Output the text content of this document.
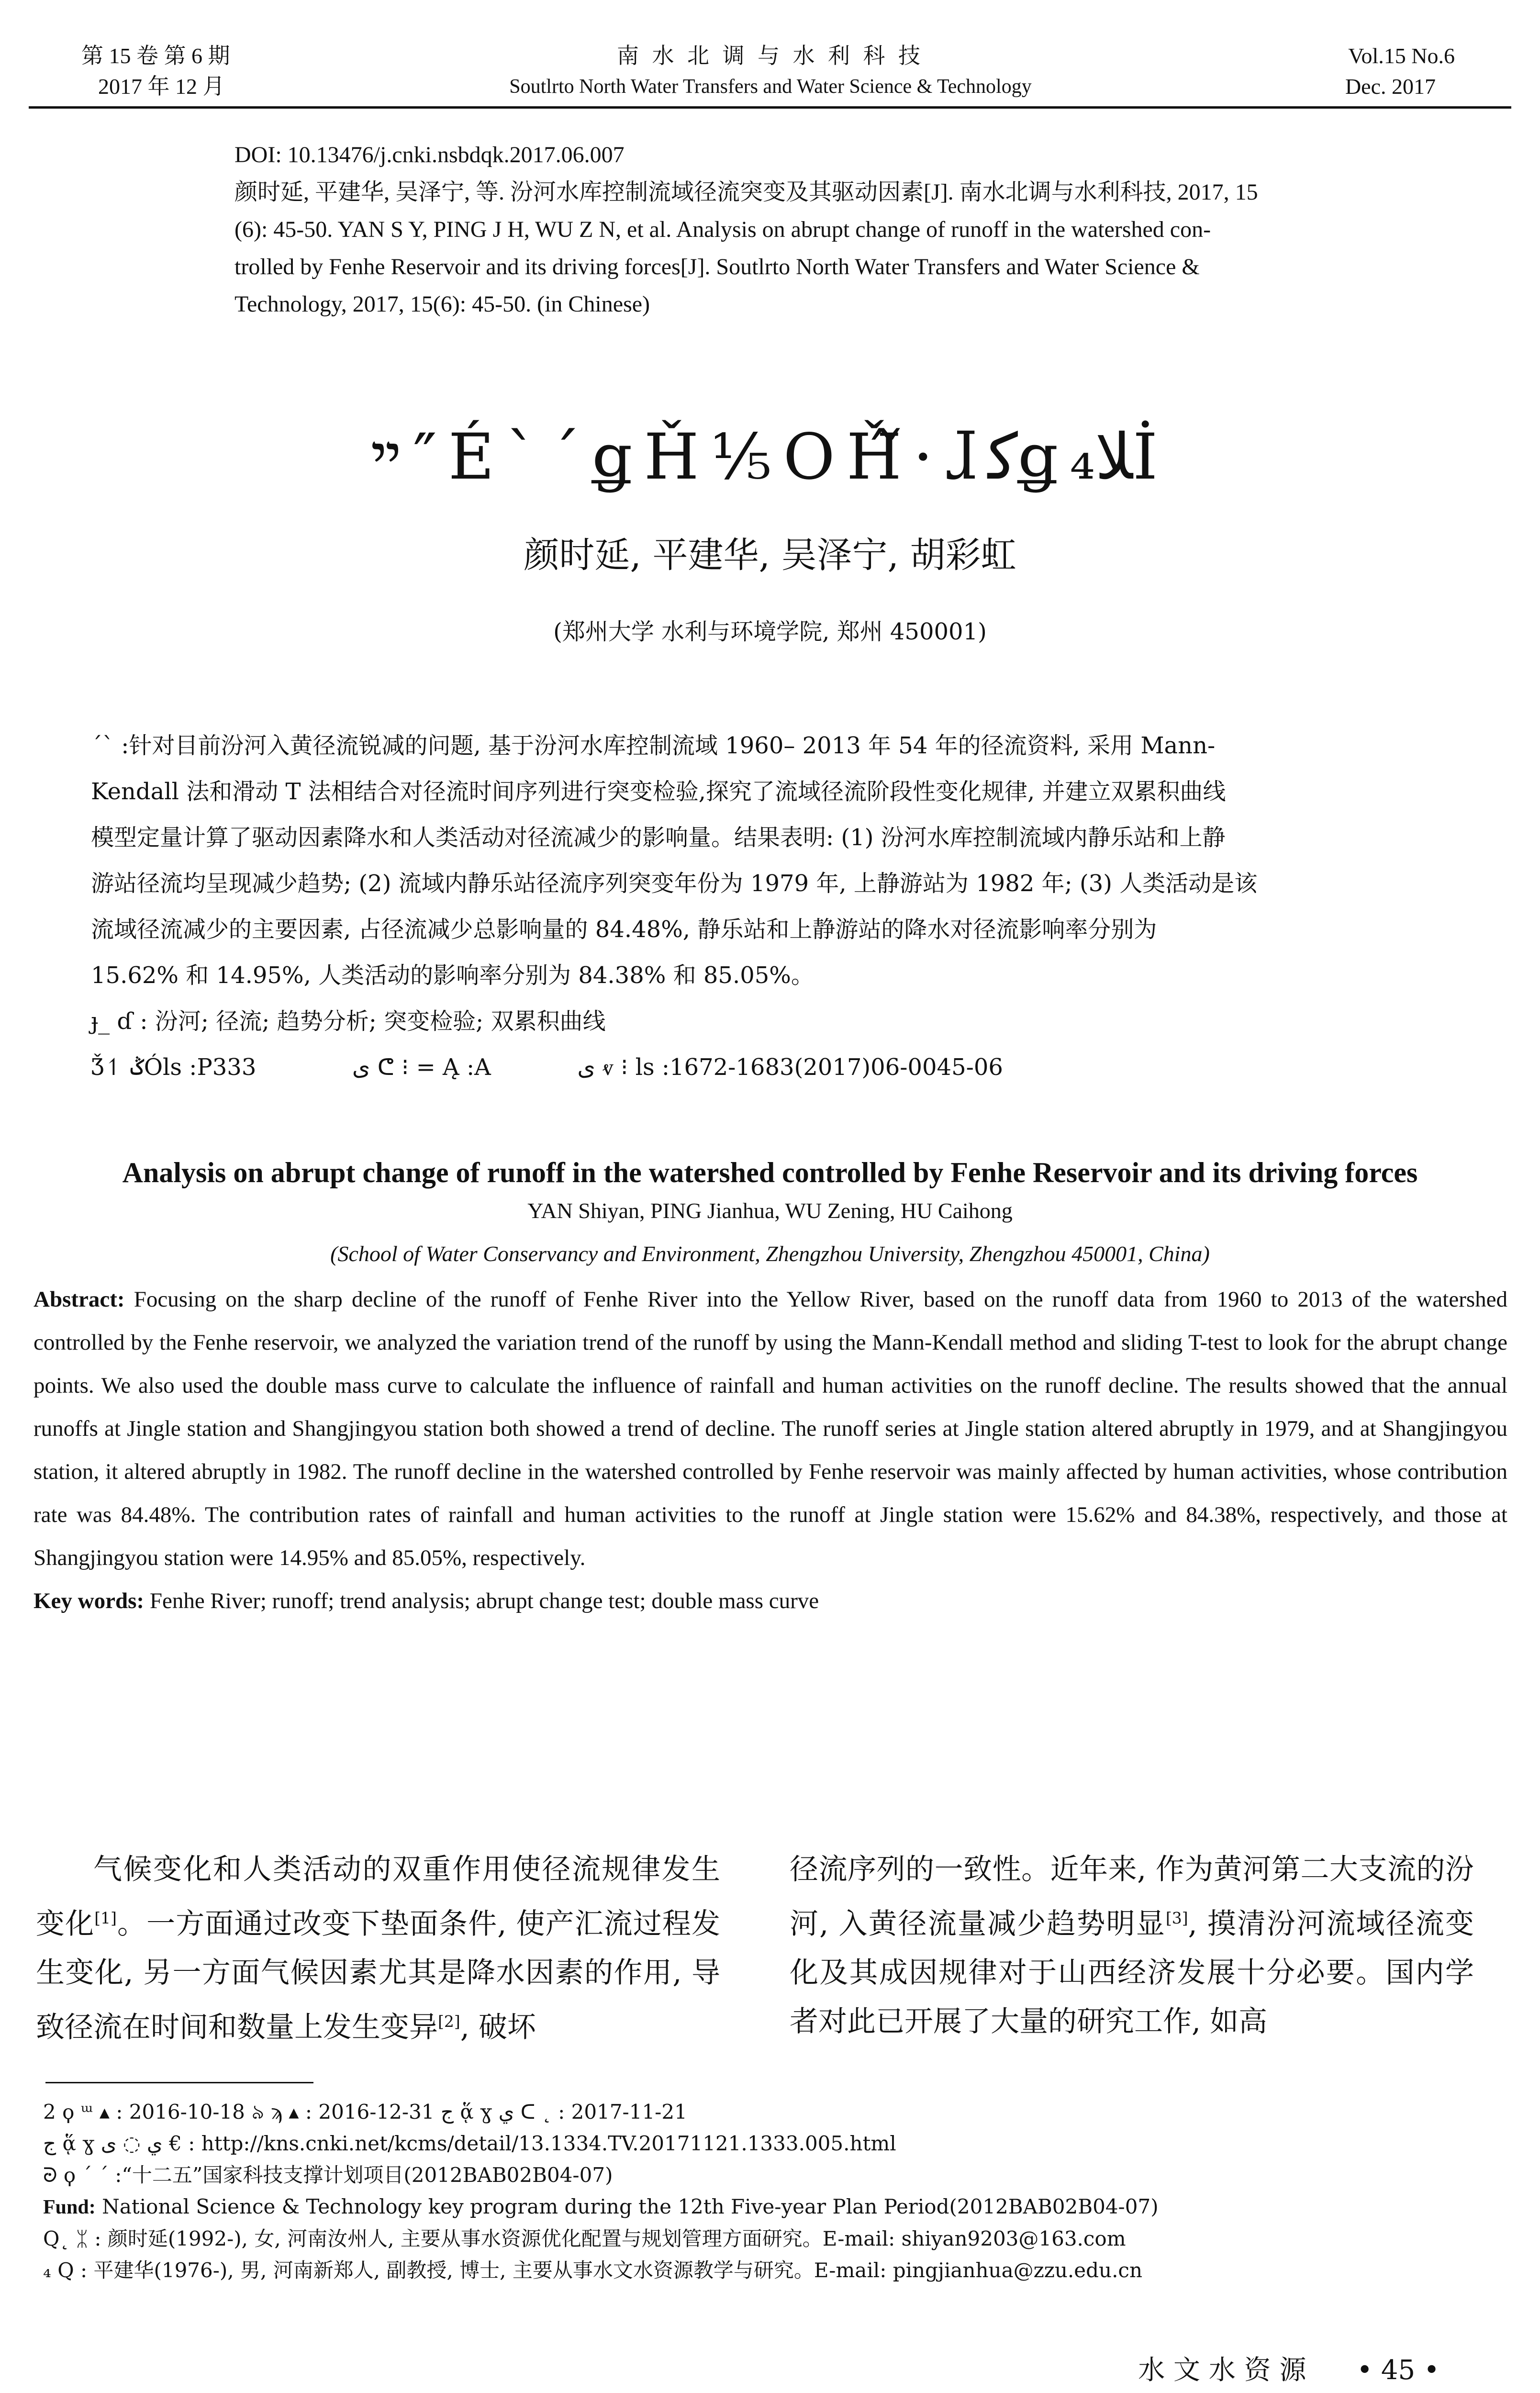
第 15 卷 第 6 期
2017 年 12 月
南 水 北 调 与 水 利 科 技
Soutlrto North Water Transfers and Water Science & Technology
Vol.15 No.6
Dec. 2017
DOI: 10.13476/j.cnki.nsbdqk.2017.06.007
颜时延, 平建华, 吴泽宁, 等. 汾河水库控制流域径流突变及其驱动因素[J]. 南水北调与水利科技, 2017, 15
(6): 45-50. YAN S Y, PING J H, WU Z N, et al. Analysis on abrupt change of runoff in the watershed con-
trolled by Fenhe Reservoir and its driving forces[J]. Soutlrto North Water Transfers and Water Science &
Technology, 2017, 15(6): 45-50. (in Chinese)
ײ″É`´ǥȞ⅕OȞ᷉·ɺﮐǥﻼ₄İ
颜时延, 平建华, 吴泽宁, 胡彩虹
(郑州大学 水利与环境学院, 郑州 450001)
ˊˋ :针对目前汾河入黄径流锐减的问题, 基于汾河水库控制流域 1960– 2013 年 54 年的径流资料, 采用 Mann-
Kendall 法和滑动 T 法相结合对径流时间序列进行突变检验,探究了流域径流阶段性变化规律, 并建立双累积曲线
模型定量计算了驱动因素降水和人类活动对径流减少的影响量。结果表明: (1) 汾河水库控制流域内静乐站和上静
游站径流均呈现减少趋势; (2) 流域内静乐站径流序列突变年份为 1979 年, 上静游站为 1982 年; (3) 人类活动是该
流域径流减少的主要因素, 占径流减少总影响量的 84.48%, 静乐站和上静游站的降水对径流影响率分别为
15.62% 和 14.95%, 人类活动的影响率分别为 84.38% 和 85.05%。
ɟ_ ɗ : 汾河; 径流; 趋势分析; 突变检验; 双累积曲线
Ǯ↿ ݣÓls :P333	ى ᕦ ⁝ = Ą :A	ى ⱴ ⁝ ls :1672-1683(2017)06-0045-06
Analysis on abrupt change of runoff in the watershed controlled by Fenhe Reservoir and its driving forces
YAN Shiyan, PING Jianhua, WU Zening, HU Caihong
(School of Water Conservancy and Environment, Zhengzhou University, Zhengzhou 450001, China)
Abstract: Focusing on the sharp decline of the runoff of Fenhe River into the Yellow River, based on the runoff data from 1960 to 2013 of the watershed controlled by the Fenhe reservoir, we analyzed the variation trend of the runoff by using the Mann-Kendall method and sliding T-test to look for the abrupt change points. We also used the double mass curve to calculate the influence of rainfall and human activities on the runoff decline. The results showed that the annual runoffs at Jingle station and Shangjingyou station both showed a trend of decline. The runoff series at Jingle station altered abruptly in 1979, and at Shangjingyou station, it altered abruptly in 1982. The runoff decline in the watershed controlled by Fenhe reservoir was mainly affected by human activities, whose contribution rate was 84.48%. The contribution rates of rainfall and human activities to the runoff at Jingle station were 15.62% and 84.38%, respectively, and those at Shangjingyou station were 14.95% and 85.05%, respectively.
Key words: Fenhe River; runoff; trend analysis; abrupt change test; double mass curve
气候变化和人类活动的双重作用使径流规律发生变化[1]。一方面通过改变下垫面条件, 使产汇流过程发生变化, 另一方面气候因素尤其是降水因素的作用, 导致径流在时间和数量上发生变异[2], 破坏
径流序列的一致性。近年来, 作为黄河第二大支流的汾河, 入黄径流量减少趋势明显[3], 摸清汾河流域径流变化及其成因规律对于山西经济发展十分必要。国内学者对此已开展了大量的研究工作, 如高
2 ϙ ᵚ ▴ : 2016-10-18 ৯ ϡ ▴ : 2016-12-31 ج ᾅ ɣ ي ᑕ ˛ : 2017-11-21
ج ᾅ ɣ ي ◌ ى € : http://kns.cnki.net/kcms/detail/13.1334.TV.20171121.1333.005.html
ᘒ ϙ ˊ ˊ :“十二五”国家科技支撑计划项目(2012BAB02B04-07)
Fund: National Science & Technology key program during the 12th Five-year Plan Period(2012BAB02B04-07)
Q˛ ᛯ : 颜时延(1992-), 女, 河南汝州人, 主要从事水资源优化配置与规划管理方面研究。E-mail: shiyan9203@163.com
₄ Q : 平建华(1976-), 男, 河南新郑人, 副教授, 博士, 主要从事水文水资源教学与研究。E-mail: pingjianhua@zzu.edu.cn
水 文 水 资 源 • 45 •
